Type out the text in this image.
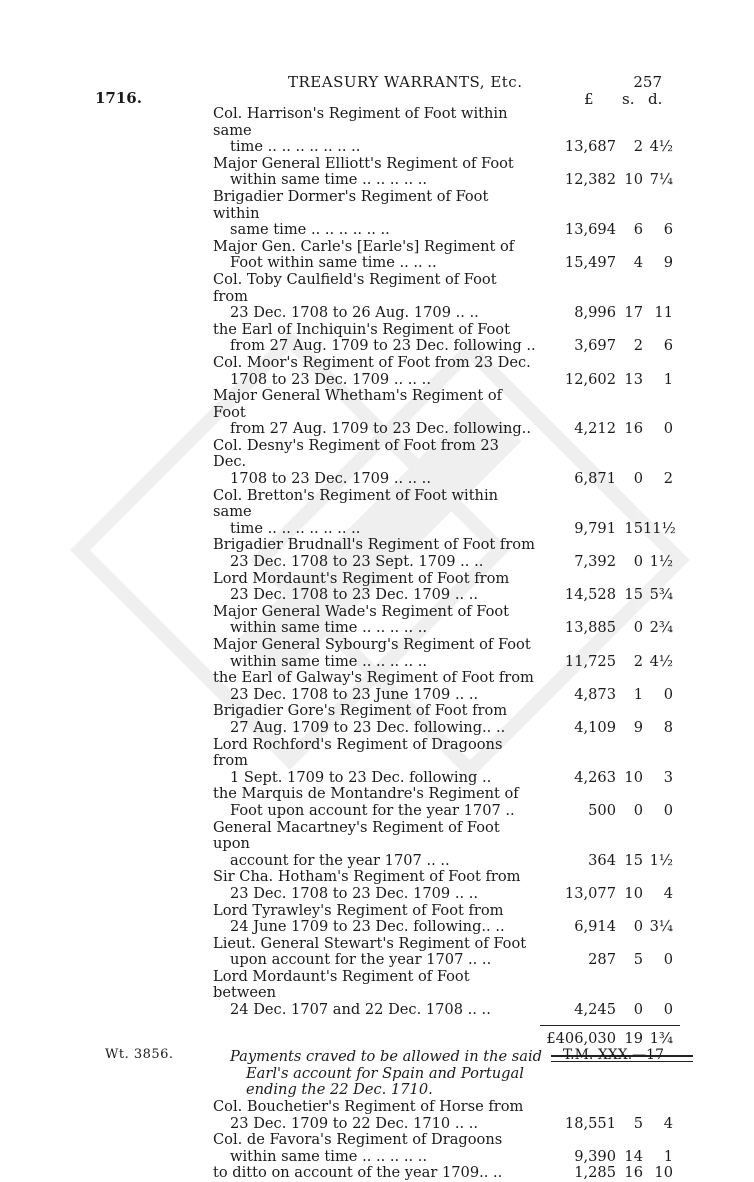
TREASURY WARRANTS, Etc.	257
1716.	£ s. d.
Col. Harrison's Regiment of Foot within same
time .. .. .. .. .. .. ..	13,687	2 4½
Major General Elliott's Regiment of Foot
within same time .. .. .. .. ..	12,382 10 7¼
Brigadier Dormer's Regiment of Foot within
same time .. .. .. .. .. ..	13,694	6	6
Major Gen. Carle's [Earle's] Regiment of
Foot within same time .. .. ..	15,497	4	9
Col. Toby Caulfield's Regiment of Foot from
23 Dec. 1708 to 26 Aug. 1709 .. ..	8,996 17 11
the Earl of Inchiquin's Regiment of Foot
from 27 Aug. 1709 to 23 Dec. following ..	3,697	2	6
Col. Moor's Regiment of Foot from 23 Dec.
1708 to 23 Dec. 1709 .. .. ..	12,602 13	1
Major General Whetham's Regiment of Foot
from 27 Aug. 1709 to 23 Dec. following..	4,212 16	0
Col. Desny's Regiment of Foot from 23 Dec.
1708 to 23 Dec. 1709 .. .. ..	6,871	0	2
Col. Bretton's Regiment of Foot within same
time .. .. .. .. .. .. ..	9,791 15 11½
Brigadier Brudnall's Regiment of Foot from
23 Dec. 1708 to 23 Sept. 1709 .. ..	7,392	0 1½
Lord Mordaunt's Regiment of Foot from
23 Dec. 1708 to 23 Dec. 1709 .. ..	14,528 15 5¾
Major General Wade's Regiment of Foot
within same time .. .. .. .. ..	13,885	0 2¾
Major General Sybourg's Regiment of Foot
within same time .. .. .. .. ..	11,725	2 4½
the Earl of Galway's Regiment of Foot from
23 Dec. 1708 to 23 June 1709 .. ..	4,873	1	0
Brigadier Gore's Regiment of Foot from
27 Aug. 1709 to 23 Dec. following.. ..	4,109	9	8
Lord Rochford's Regiment of Dragoons from
1 Sept. 1709 to 23 Dec. following ..	4,263 10	3
the Marquis de Montandre's Regiment of
Foot upon account for the year 1707 ..	500	0	0
General Macartney's Regiment of Foot upon
account for the year 1707 .. ..	364 15 1½
Sir Cha. Hotham's Regiment of Foot from
23 Dec. 1708 to 23 Dec. 1709 .. ..	13,077 10	4
Lord Tyrawley's Regiment of Foot from
24 June 1709 to 23 Dec. following.. ..	6,914	0 3¼
Lieut. General Stewart's Regiment of Foot
upon account for the year 1707 .. ..	287	5	0
Lord Mordaunt's Regiment of Foot between
24 Dec. 1707 and 22 Dec. 1708 .. ..	4,245	0	0
£406,030 19 1¾
Payments craved to be allowed in the said
Earl's account for Spain and Portugal
ending the 22 Dec. 1710.
Col. Bouchetier's Regiment of Horse from
23 Dec. 1709 to 22 Dec. 1710 .. ..	18,551	5	4
Col. de Favora's Regiment of Dragoons
within same time .. .. .. .. ..	9,390 14	1
to ditto on account of the year 1709.. ..	1,285 16 10
Wt. 3856.	T.M. XXX.—17
